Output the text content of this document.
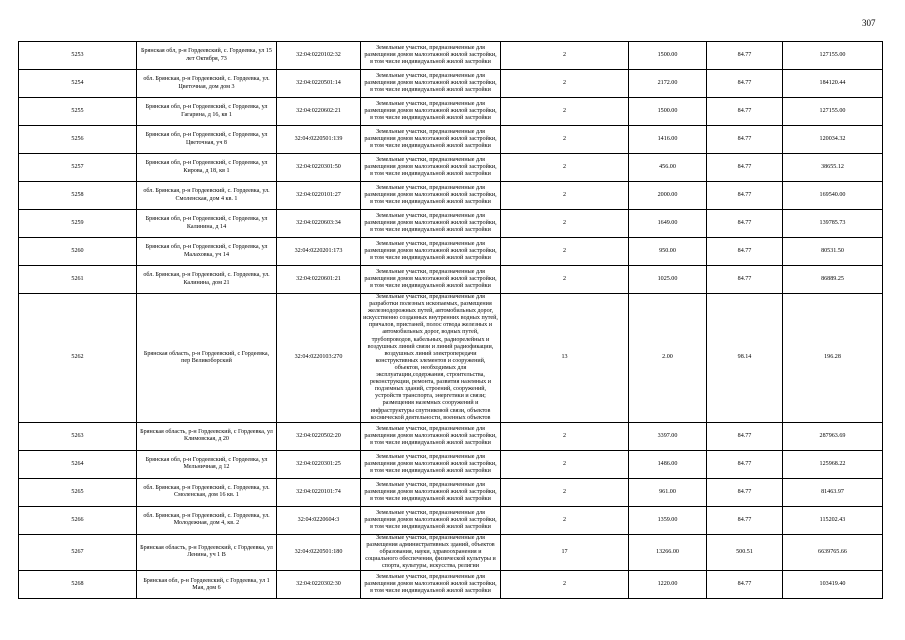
307
5253	Брянская обл, р-н Гордеевский, с. Гордеевка, ул 15 лет Октября, 73	32:04:0220102:32	Земельные участки, предназначенные для размещения домов малоэтажной жилой застройки, в том числе индивидуальной жилой застройки	2	1500.00	84.77	127155.00
5254	обл. Брянская, р-н Гордеевский, с. Гордеевка, ул. Цветочная, дом дом 3	32:04:0220501:14	Земельные участки, предназначенные для размещения домов малоэтажной жилой застройки, в том числе индивидуальной жилой застройки	2	2172.00	84.77	184120.44
5255	Брянская обл, р-н Гордеевский, с Гордеевка, ул Гагарина, д 16, кв 1	32:04:0220602:21	Земельные участки, предназначенные для размещения домов малоэтажной жилой застройки, в том числе индивидуальной жилой застройки	2	1500.00	84.77	127155.00
5256	Брянская обл, р-н Гордеевский, с Гордеевка, ул Цветочная, уч 8	32:04:0220501:139	Земельные участки, предназначенные для размещения домов малоэтажной жилой застройки, в том числе индивидуальной жилой застройки	2	1416.00	84.77	120034.32
5257	Брянская обл, р-н Гордеевский, с Гордеевка, ул Кирова, д 18, кв 1	32:04:0220301:50	Земельные участки, предназначенные для размещения домов малоэтажной жилой застройки, в том числе индивидуальной жилой застройки	2	456.00	84.77	38655.12
5258	обл. Брянская, р-н Гордеевский, с. Гордеевка, ул. Смоленская, дом 4 кв. 1	32:04:0220101:27	Земельные участки, предназначенные для размещения домов малоэтажной жилой застройки, в том числе индивидуальной жилой застройки	2	2000.00	84.77	169540.00
5259	Брянская обл, р-н Гордеевский, с Гордеевка, ул Калинина, д 14	32:04:0220603:34	Земельные участки, предназначенные для размещения домов малоэтажной жилой застройки, в том числе индивидуальной жилой застройки	2	1649.00	84.77	139785.73
5260	Брянская обл, р-н Гордеевский, с Гордеевка, ул Малаховка, уч 14	32:04:0220201:173	Земельные участки, предназначенные для размещения домов малоэтажной жилой застройки, в том числе индивидуальной жилой застройки	2	950.00	84.77	80531.50
5261	обл. Брянская, р-н Гордеевский, с. Гордеевка, ул. Калинина, дом 21	32:04:0220601:21	Земельные участки, предназначенные для размещения домов малоэтажной жилой застройки, в том числе индивидуальной жилой застройки	2	1025.00	84.77	86889.25
5262	Брянская область, р-н Гордеевский, с Гордеевка, пер Великоборский	32:04:0220103:270	Земельные участки, предназначенные для разработки полезных ископаемых, размещения железнодорожных путей, автомобильных дорог, искусственно созданных внутренних водных путей, причалов, пристаней, полос отвода железных и автомобильных дорог, водных путей, трубопроводов, кабельных, радиорелейных и воздушных линий связи и линий радиофикации, воздушных линий электропередачи конструктивных элементов и сооружений, объектов, необходимых для эксплуатации,содержания, строительства, реконструкции, ремонта, развития наземных и подземных зданий, строений, сооружений, устройств транспорта, энергетики и связи; размещения наземных сооружений и инфраструктуры спутниковой связи, объектов космической деятельности, военных объектов	13	2.00	98.14	196.28
5263	Брянская область, р-н Гордеевский, с Гордеевка, ул Климовская, д 20	32:04:0220502:20	Земельные участки, предназначенные для размещения домов малоэтажной жилой застройки, в том числе индивидуальной жилой застройки	2	3397.00	84.77	287963.69
5264	Брянская обл, р-н Гордеевский, с Гордеевка, ул Мельничная, д 12	32:04:0220301:25	Земельные участки, предназначенные для размещения домов малоэтажной жилой застройки, в том числе индивидуальной жилой застройки	2	1486.00	84.77	125968.22
5265	обл. Брянская, р-н Гордеевский, с. Гордеевка, ул. Смоленская, дом 16 кв. 1	32:04:0220101:74	Земельные участки, предназначенные для размещения домов малоэтажной жилой застройки, в том числе индивидуальной жилой застройки	2	961.00	84.77	81463.97
5266	обл. Брянская, р-н Гордеевский, с. Гордеевка, ул. Молодежная, дом 4, кв. 2	32:04:0220604:3	Земельные участки, предназначенные для размещения домов малоэтажной жилой застройки, в том числе индивидуальной жилой застройки	2	1359.00	84.77	115202.43
5267	Брянская область, р-н Гордеевский, с Гордеевка, ул Ленина, уч 1 В	32:04:0220501:180	Земельные участки, предназначенные для размещения административных зданий, объектов образования, науки, здравоохранения и социального обеспечения, физической культуры и спорта, культуры, искусства, религии	17	13266.00	500.51	6639765.66
5268	Брянская обл, р-н Гордеевский, с Гордеевка, ул 1 Мая, дом 6	32:04:0220302:30	Земельные участки, предназначенные для размещения домов малоэтажной жилой застройки, в том числе индивидуальной жилой застройки	2	1220.00	84.77	103419.40
